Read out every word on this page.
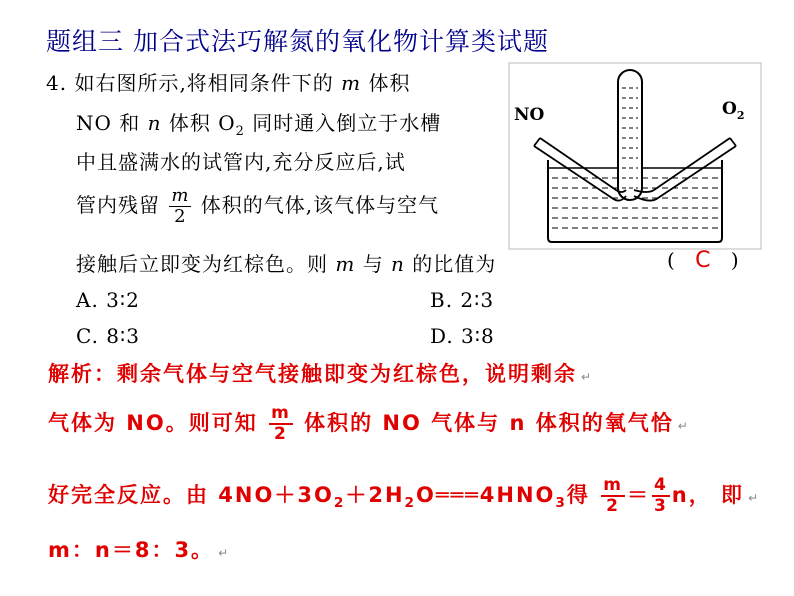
题组三 加合式法巧解氮的氧化物计算类试题
4. 如右图所示,将相同条件下的 m 体积
NO 和 n 体积 $O_2$ 同时通入倒立于水槽
中且盛满水的试管内,充分反应后,试
管内残留 $\frac{m}{2}$ 体积的气体,该气体与空气
接触后立即变为红棕色。则 m 与 n 的比值为	( C )
A. 3∶2	B. 2∶3
C. 8∶3	D. 3∶8
NO	$O_2$
解析：剩余气体与空气接触即变为红棕色，说明剩余 ↵
气体为 NO。则可知 $\frac{m}{2}$ 体积的 NO 气体与 n 体积的氧气恰 ↵
好完全反应。由 $4NO+3O_2+2H_2O═══4HNO_3$得 $\frac{m}{2} = \frac{4}{3}$ n， 即 ↵
m：n＝8：3。 ↵
